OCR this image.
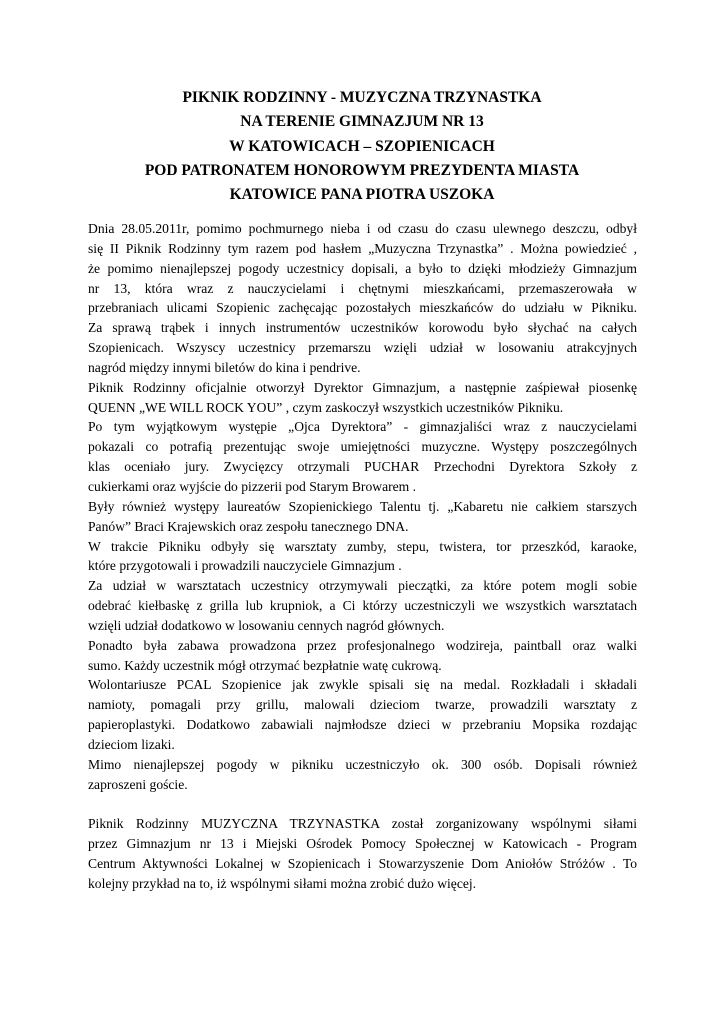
PIKNIK RODZINNY - MUZYCZNA TRZYNASTKA
NA TERENIE GIMNAZJUM NR 13
W KATOWICACH – SZOPIENICACH
POD PATRONATEM HONOROWYM PREZYDENTA MIASTA
KATOWICE PANA PIOTRA USZOKA

Dnia 28.05.2011r, pomimo pochmurnego nieba i od czasu do czasu ulewnego deszczu, odbył
się II Piknik Rodzinny tym razem pod hasłem „Muzyczna Trzynastka” . Można powiedzieć ,
że pomimo nienajlepszej pogody uczestnicy dopisali, a było to dzięki młodzieży Gimnazjum
nr 13, która wraz z nauczycielami i chętnymi mieszkańcami, przemaszerowała w
przebraniach ulicami Szopienic zachęcając pozostałych mieszkańców do udziału w Pikniku.
Za sprawą trąbek i innych instrumentów uczestników korowodu było słychać na całych
Szopienicach. Wszyscy uczestnicy przemarszu wzięli udział w losowaniu atrakcyjnych
nagród między innymi biletów do kina i pendrive.

Piknik Rodzinny oficjalnie otworzył Dyrektor Gimnazjum, a następnie zaśpiewał piosenkę
QUENN „WE WILL ROCK YOU” , czym zaskoczył wszystkich uczestników Pikniku.

Po tym wyjątkowym występie „Ojca Dyrektora” - gimnazjaliści wraz z nauczycielami
pokazali co potrafią prezentując swoje umiejętności muzyczne. Występy poszczególnych
klas oceniało jury. Zwycięzcy otrzymali PUCHAR Przechodni Dyrektora Szkoły z
cukierkami oraz wyjście do pizzerii pod Starym Browarem .

Były również występy laureatów Szopienickiego Talentu tj. „Kabaretu nie całkiem starszych
Panów” Braci Krajewskich oraz zespołu tanecznego DNA.

W trakcie Pikniku odbyły się warsztaty zumby, stepu, twistera, tor przeszkód, karaoke,
które przygotowali i prowadzili nauczyciele Gimnazjum .

Za udział w warsztatach uczestnicy otrzymywali pieczątki, za które potem mogli sobie
odebrać kiełbaskę z grilla lub krupniok, a Ci którzy uczestniczyli we wszystkich warsztatach
wzięli udział dodatkowo w losowaniu cennych nagród głównych.

Ponadto była zabawa prowadzona przez profesjonalnego wodzireja, paintball oraz walki
sumo. Każdy uczestnik mógł otrzymać bezpłatnie watę cukrową.

Wolontariusze PCAL Szopienice jak zwykle spisali się na medal. Rozkładali i składali
namioty, pomagali przy grillu, malowali dzieciom twarze, prowadzili warsztaty z
papieroplastyki. Dodatkowo zabawiali najmłodsze dzieci w przebraniu Mopsika rozdając
dzieciom lizaki.

Mimo nienajlepszej pogody w pikniku uczestniczyło ok. 300 osób. Dopisali również
zaproszeni goście.

Piknik Rodzinny MUZYCZNA TRZYNASTKA został zorganizowany wspólnymi siłami
przez Gimnazjum nr 13 i Miejski Ośrodek Pomocy Społecznej w Katowicach - Program
Centrum Aktywności Lokalnej w Szopienicach i Stowarzyszenie Dom Aniołów Stróżów . To
kolejny przykład na to, iż wspólnymi siłami można zrobić dużo więcej.
